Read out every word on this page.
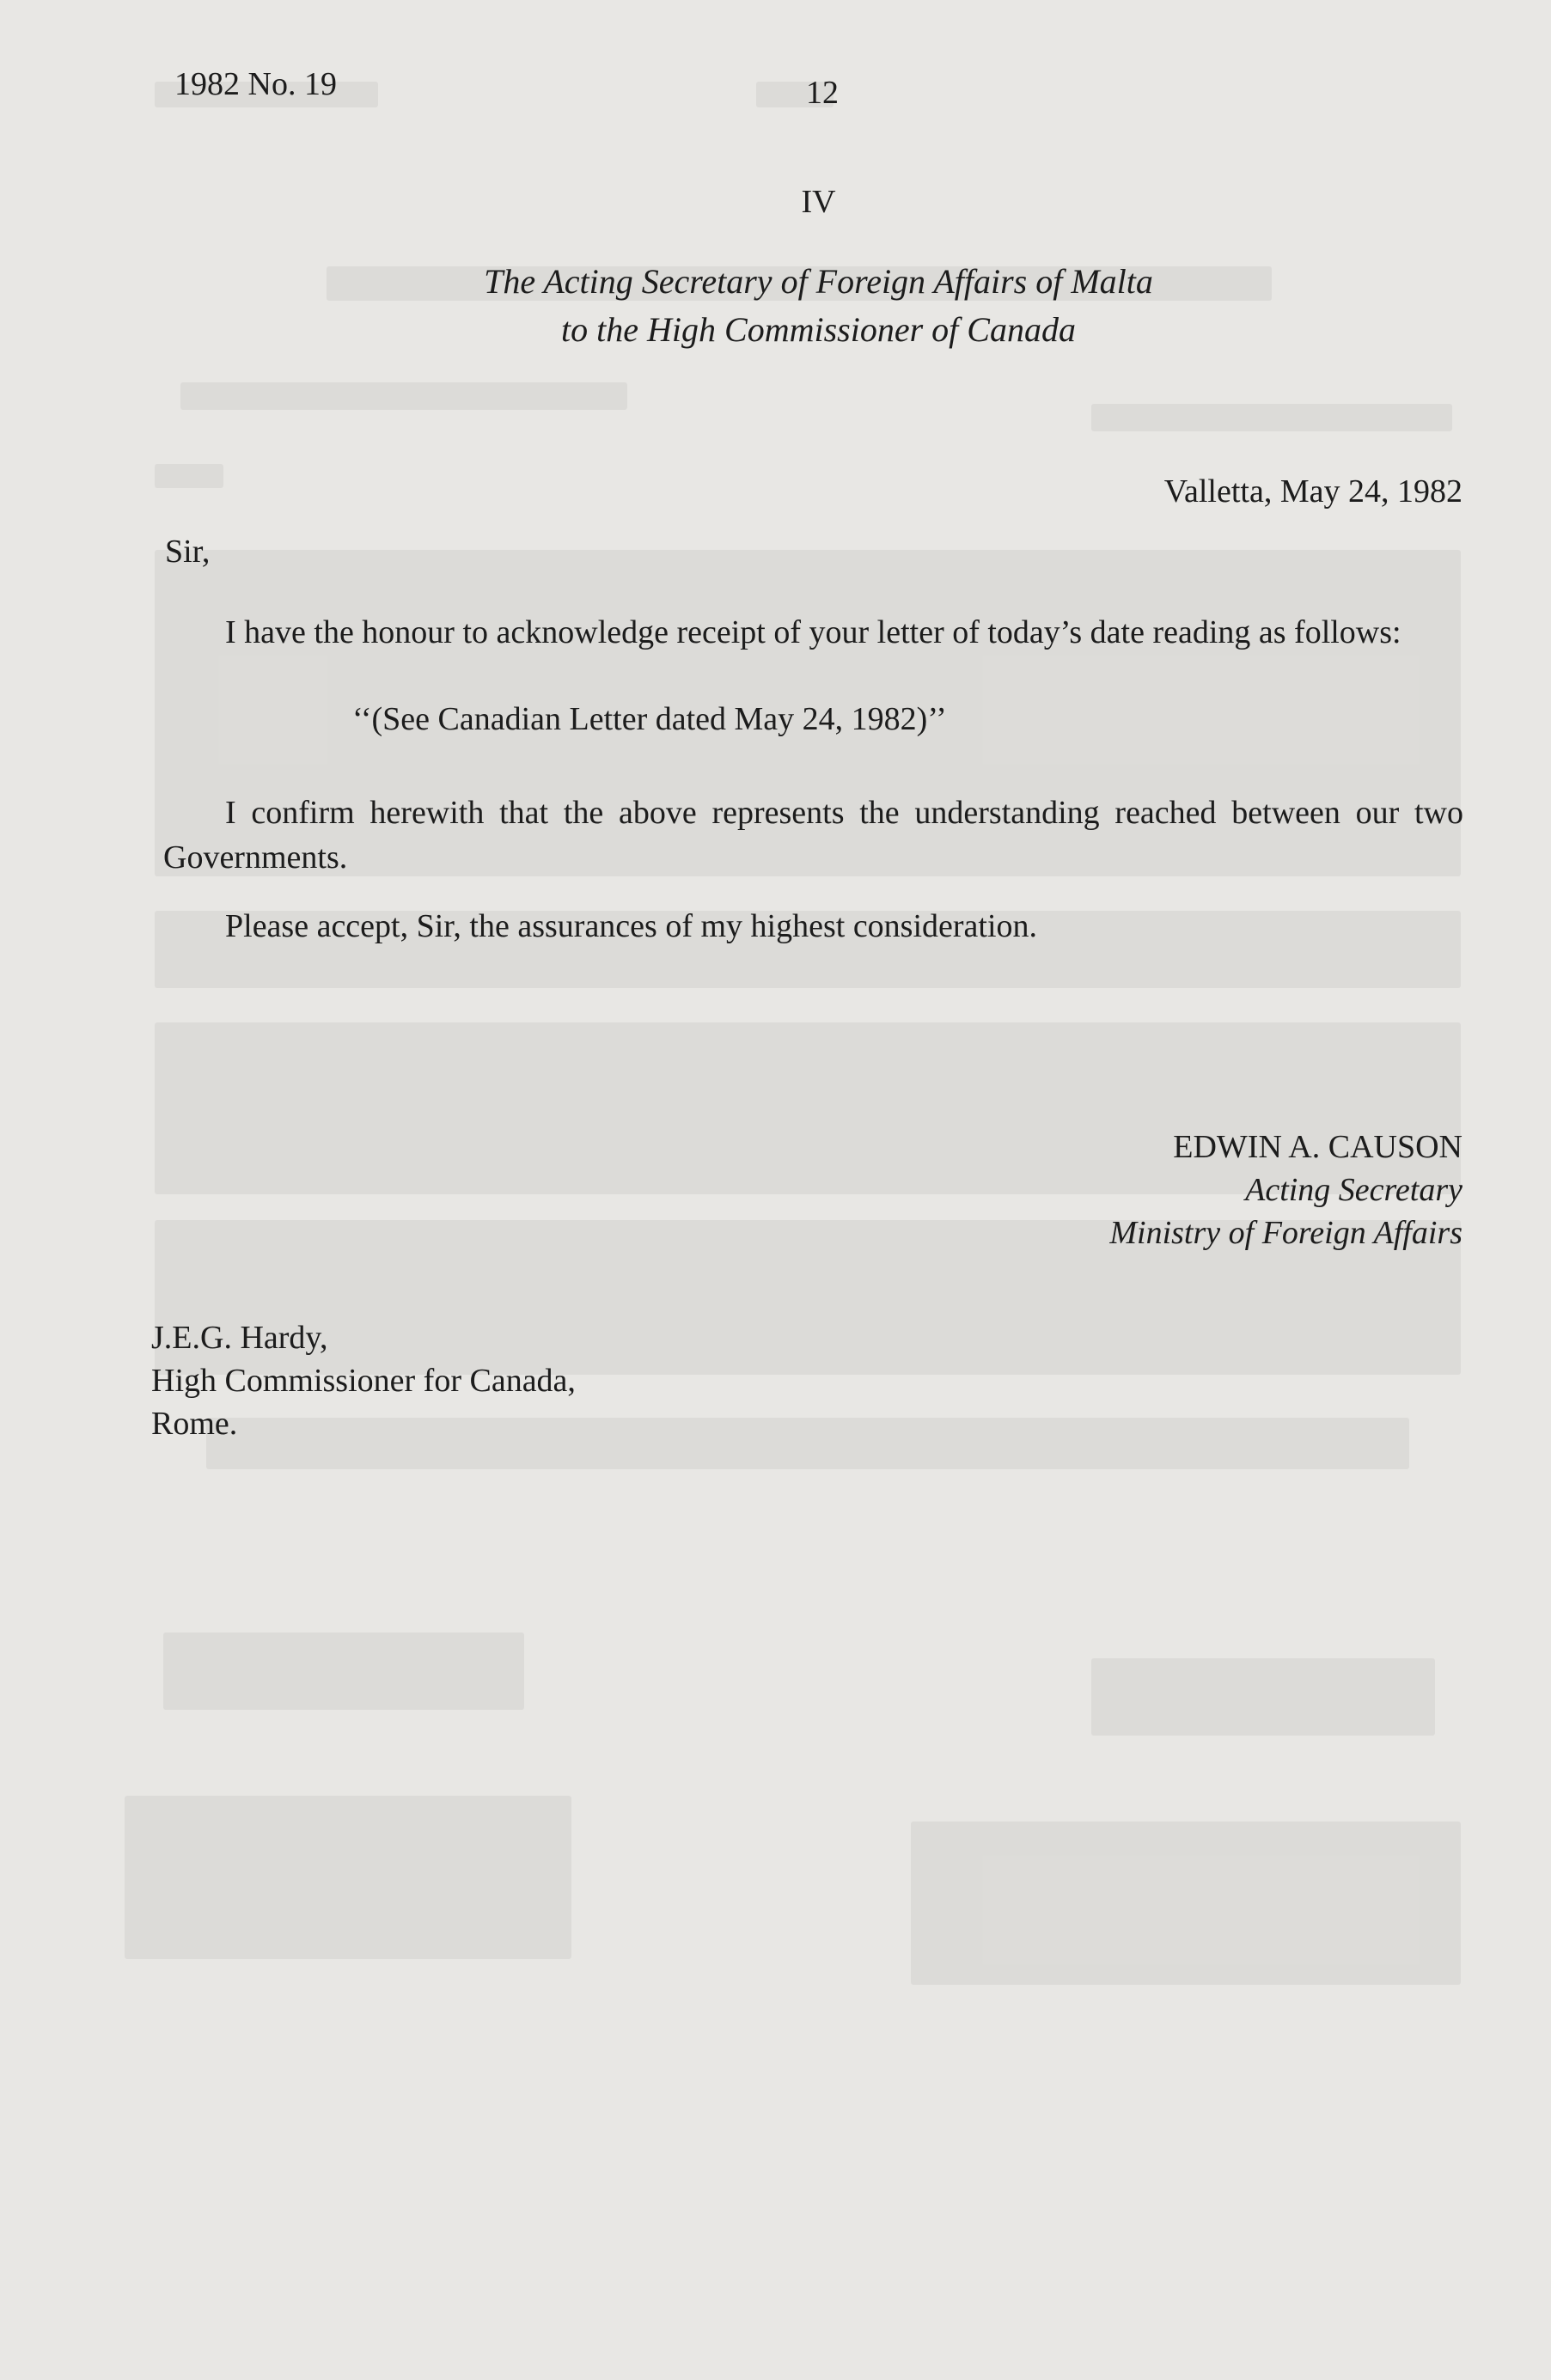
1982 No. 19	12
IV
The Acting Secretary of Foreign Affairs of Malta
to the High Commissioner of Canada
Valletta, May 24, 1982
Sir,
I have the honour to acknowledge receipt of your letter of today’s date reading as follows:
‘‘(See Canadian Letter dated May 24, 1982)’’
I confirm herewith that the above represents the understanding reached between our two Governments.
Please accept, Sir, the assurances of my highest consideration.
EDWIN A. CAUSON
Acting Secretary
Ministry of Foreign Affairs
J.E.G. Hardy,
High Commissioner for Canada,
Rome.
